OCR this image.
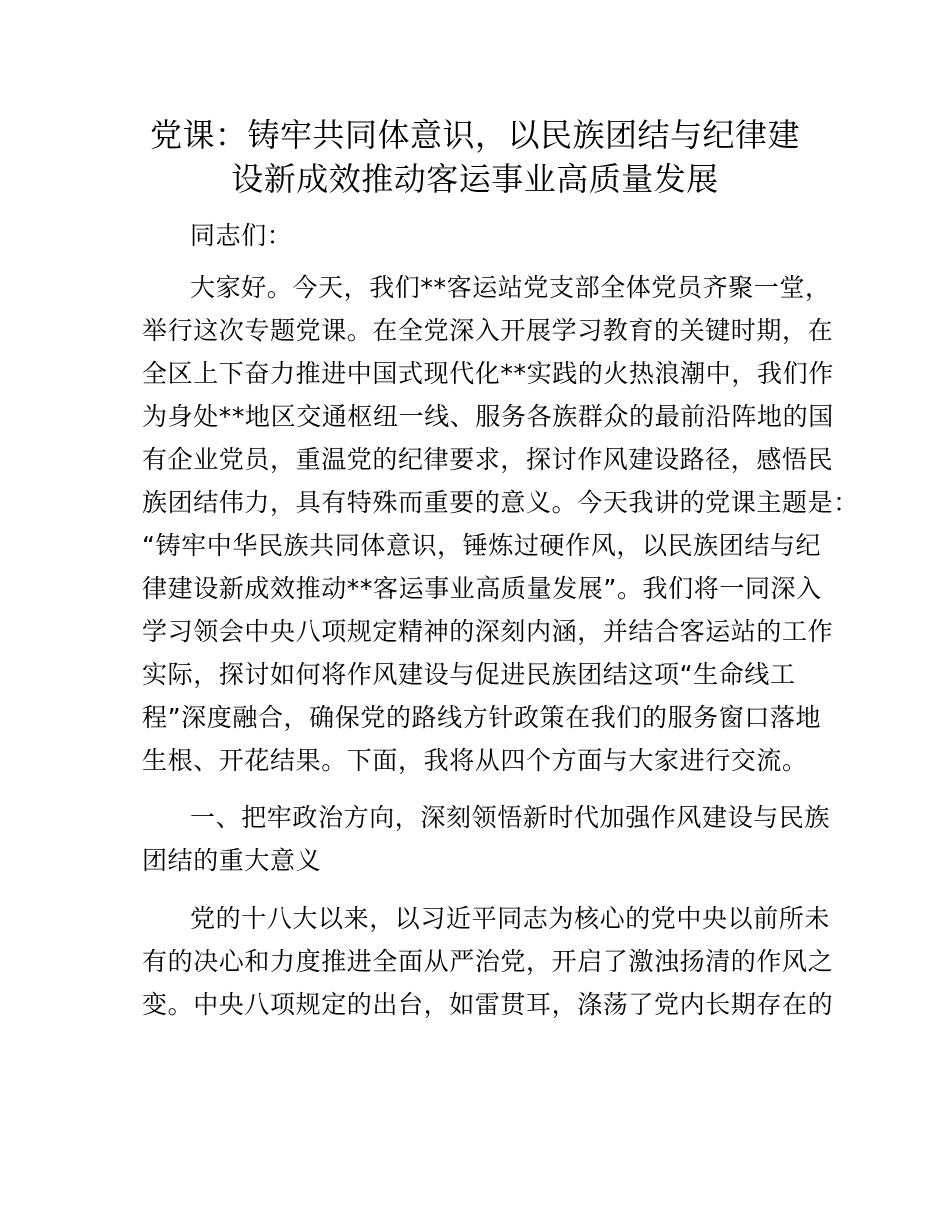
党课：铸牢共同体意识，以民族团结与纪律建
设新成效推动客运事业高质量发展
同志们：
大家好。今天，我们**客运站党支部全体党员齐聚一堂，
举行这次专题党课。在全党深入开展学习教育的关键时期，在
全区上下奋力推进中国式现代化**实践的火热浪潮中，我们作
为身处**地区交通枢纽一线、服务各族群众的最前沿阵地的国
有企业党员，重温党的纪律要求，探讨作风建设路径，感悟民
族团结伟力，具有特殊而重要的意义。今天我讲的党课主题是：
“铸牢中华民族共同体意识，锤炼过硬作风，以民族团结与纪
律建设新成效推动**客运事业高质量发展”。我们将一同深入
学习领会中央八项规定精神的深刻内涵，并结合客运站的工作
实际，探讨如何将作风建设与促进民族团结这项“生命线工
程”深度融合，确保党的路线方针政策在我们的服务窗口落地
生根、开花结果。下面，我将从四个方面与大家进行交流。
一、把牢政治方向，深刻领悟新时代加强作风建设与民族
团结的重大意义
党的十八大以来，以习近平同志为核心的党中央以前所未
有的决心和力度推进全面从严治党，开启了激浊扬清的作风之
变。中央八项规定的出台，如雷贯耳，涤荡了党内长期存在的
